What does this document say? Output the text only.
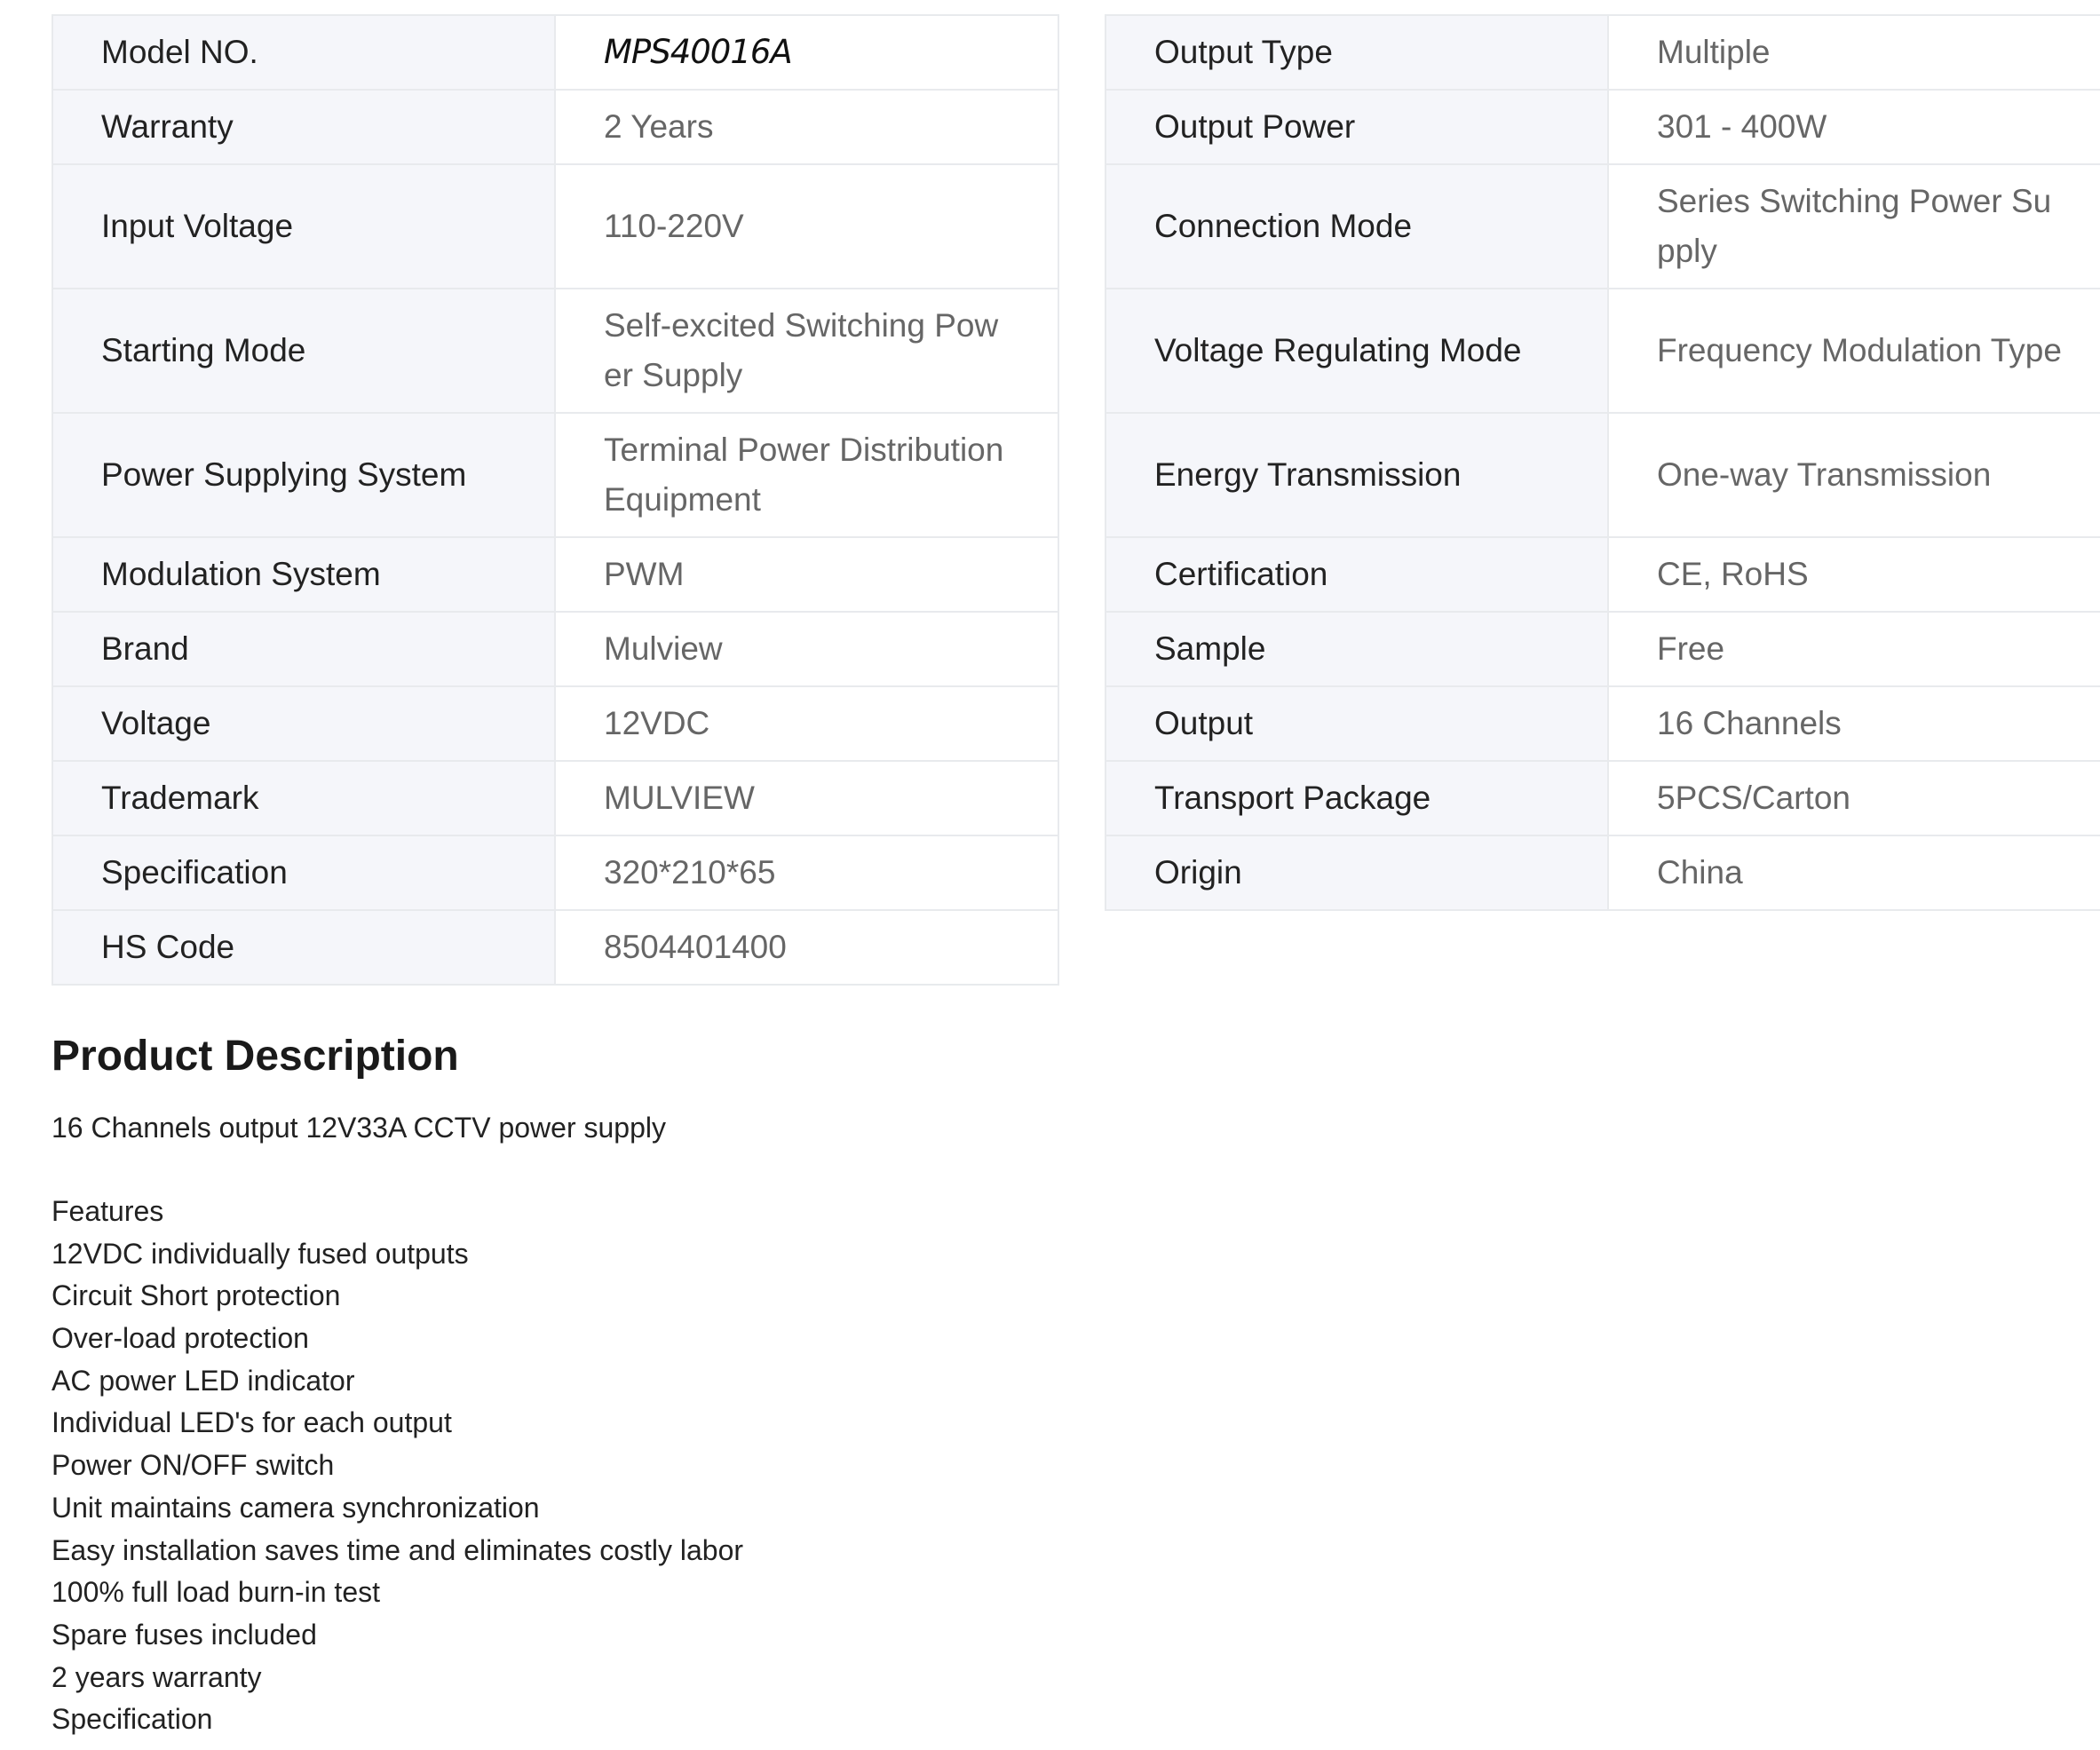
Model NO.	MPS40016A
Warranty	2 Years
Input Voltage	110-220V
Starting Mode	Self-excited Switching Power Supply
Power Supplying System	Terminal Power Distribution Equipment
Modulation System	PWM
Brand	Mulview
Voltage	12VDC
Trademark	MULVIEW
Specification	320*210*65
HS Code	8504401400
Output Type	Multiple
Output Power	301 - 400W
Connection Mode	Series Switching Power Supply
Voltage Regulating Mode	Frequency Modulation Type
Energy Transmission	One-way Transmission
Certification	CE, RoHS
Sample	Free
Output	16 Channels
Transport Package	5PCS/Carton
Origin	China
Product Description

16 Channels output 12V33A CCTV power supply

Features
12VDC individually fused outputs
Circuit Short protection
Over-load protection
AC power LED indicator
Individual LED's for each output
Power ON/OFF switch
Unit maintains camera synchronization
Easy installation saves time and eliminates costly labor
100% full load burn-in test
Spare fuses included
2 years warranty
Specification
